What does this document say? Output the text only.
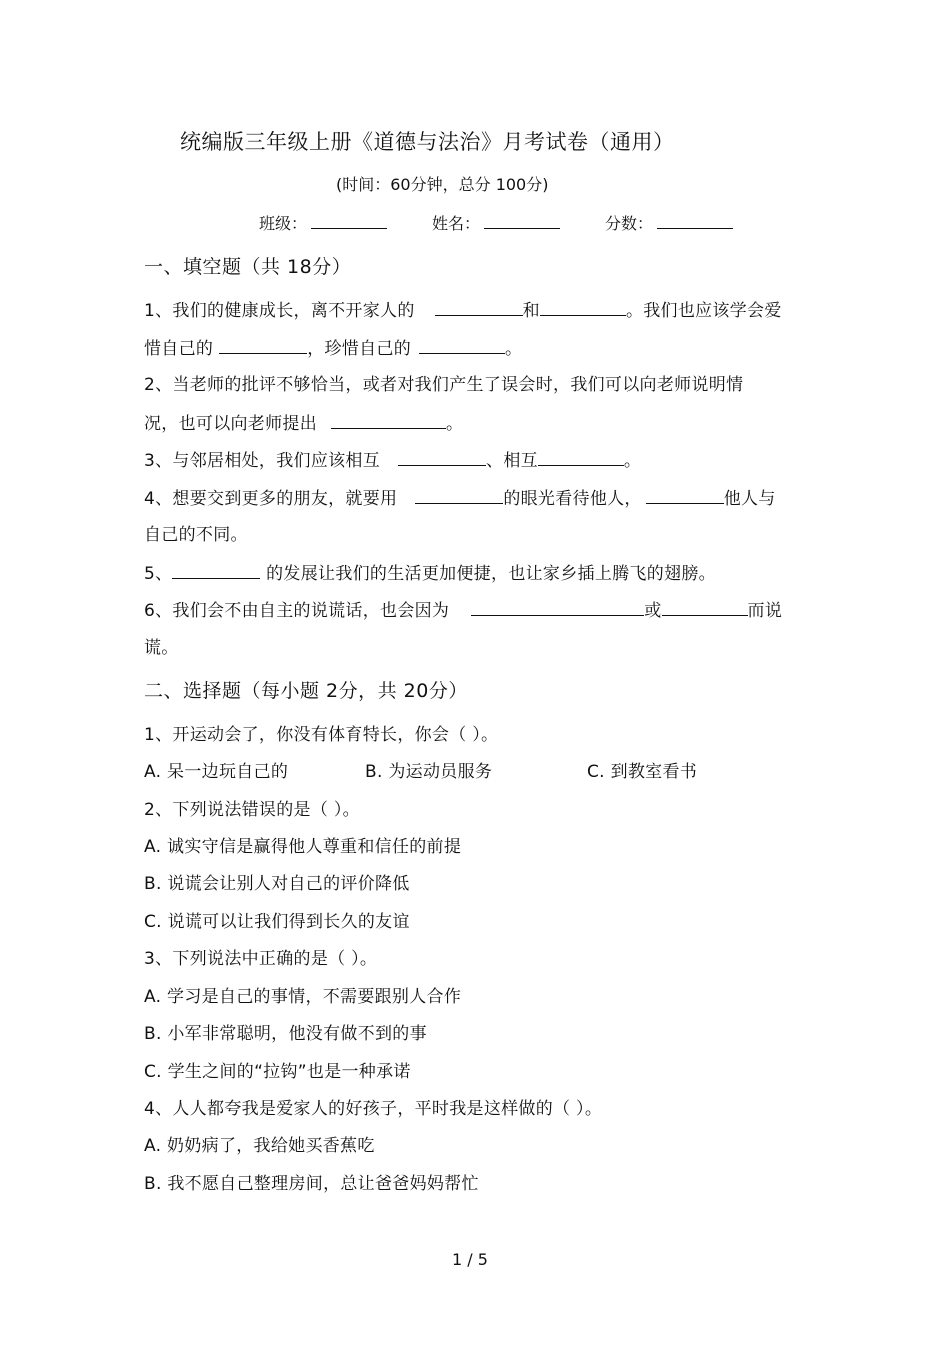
统编版三年级上册《道德与法治》月考试卷（通用）
(时间：60分钟，总分 100分)
班级：	姓名：	分数：
一、填空题（共 18分）
1、我们的健康成长，离不开家人的	和	。我们也应该学会爱
惜自己的	，珍惜自己的	。
2、当老师的批评不够恰当，或者对我们产生了误会时，我们可以向老师说明情
况，也可以向老师提出	。
3、与邻居相处，我们应该相互	、相互	。
4、想要交到更多的朋友，就要用	的眼光看待他人，	他人与
自己的不同。
5、	的发展让我们的生活更加便捷，也让家乡插上腾飞的翅膀。
6、我们会不由自主的说谎话，也会因为	或	而说
谎。
二、选择题（每小题 2分，共 20分）
1、开运动会了，你没有体育特长，你会（ ）。
A. 呆一边玩自己的	B. 为运动员服务	C. 到教室看书
2、下列说法错误的是（ ）。
A. 诚实守信是赢得他人尊重和信任的前提
B. 说谎会让别人对自己的评价降低
C. 说谎可以让我们得到长久的友谊
3、下列说法中正确的是（ ）。
A. 学习是自己的事情，不需要跟别人合作
B. 小军非常聪明，他没有做不到的事
C. 学生之间的“拉钩”也是一种承诺
4、人人都夸我是爱家人的好孩子，平时我是这样做的（ ）。
A. 奶奶病了，我给她买香蕉吃
B. 我不愿自己整理房间，总让爸爸妈妈帮忙
1 / 5
